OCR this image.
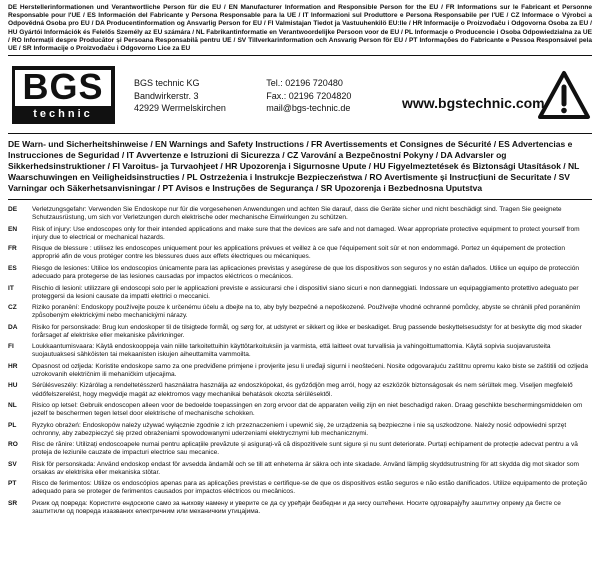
DE Herstellerinformationen und Verantwortliche Person für die EU / EN Manufacturer Information and Responsible Person for the EU / FR Informations sur le Fabricant et Personne Responsable pour l'UE / ES Información del Fabricante y Persona Responsable para la UE / IT Informazioni sul Produttore e Persona Responsabile per l'UE / CZ Informace o Výrobci a Odpovědná Osoba pro EU / DA Producentinformation og Ansvarlig Person for EU / FI Valmistajan Tiedot ja Vastuuhenkilö EU:lle / HR Informacije o Proizvođaču i Odgovorna Osoba za EU / HU Gyártói Információk és Felelős Személy az EU számára / NL Fabrikantinformatie en Verantwoordelijke Persoon voor de EU / PL Informacje o Producencie i Osoba Odpowiedzialna za UE / RO Informații despre Producător și Persoana Responsabilă pentru UE / SV Tillverkarinformation och Ansvarig Person för EU / PT Informações do Fabricante e Pessoa Responsável pela UE / SR Informacije o Proizvođaču i Odgovorno Lice za EU
BGS
technic
BGS technic KG
Bandwirkerstr. 3
42929 Wermelskirchen
Tel.: 02196 720480
Fax.: 02196 7204820
mail@bgs-technic.de	www.bgstechnic.com
DE Warn- und Sicherheitshinweise / EN Warnings and Safety Instructions / FR Avertissements et Consignes de Sécurité / ES Advertencias e Instrucciones de Seguridad / IT Avvertenze e Istruzioni di Sicurezza / CZ Varování a Bezpečnostní Pokyny / DA Advarsler og Sikkerhedsinstruktioner / FI Varoitus- ja Turvaohjeet / HR Upozorenja i Sigurnosne Upute / HU Figyelmeztetések és Biztonsági Utasítások / NL Waarschuwingen en Veiligheidsinstructies / PL Ostrzeżenia i Instrukcje Bezpieczeństwa / RO Avertismente și Instrucțiuni de Securitate / SV Varningar och Säkerhetsanvisningar / PT Avisos e Instruções de Segurança / SR Upozorenja i Bezbednosna Uputstva
DE	Verletzungsgefahr: Verwenden Sie Endoskope nur für die vorgesehenen Anwendungen und achten Sie darauf, dass die Geräte sicher und nicht beschädigt sind. Tragen Sie geeignete Schutzausrüstung, um sich vor Verletzungen durch elektrische oder mechanische Einwirkungen zu schützen.
EN	Risk of injury: Use endoscopes only for their intended applications and make sure that the devices are safe and not damaged. Wear appropriate protective equipment to protect yourself from injury due to electrical or mechanical hazards.
FR	Risque de blessure : utilisez les endoscopes uniquement pour les applications prévues et veillez à ce que l'équipement soit sûr et non endommagé. Portez un équipement de protection approprié afin de vous protéger contre les blessures dues aux effets électriques ou mécaniques.
ES	Riesgo de lesiones: Utilice los endoscopios únicamente para las aplicaciones previstas y asegúrese de que los dispositivos son seguros y no están dañados. Utilice un equipo de protección adecuado para protegerse de las lesiones causadas por impactos eléctricos o mecánicos.
IT	Rischio di lesioni: utilizzare gli endoscopi solo per le applicazioni previste e assicurarsi che i dispositivi siano sicuri e non danneggiati. Indossare un equipaggiamento protettivo adeguato per proteggersi da lesioni causate da impatti elettrici o meccanici.
CZ	Riziko poranění: Endoskopy používejte pouze k určenému účelu a dbejte na to, aby byly bezpečné a nepoškozené. Používejte vhodné ochranné pomůcky, abyste se chránili před poraněním způsobeným elektrickými nebo mechanickými nárazy.
DA	Risiko for personskade: Brug kun endoskoper til de tilsigtede formål, og sørg for, at udstyret er sikkert og ikke er beskadiget. Brug passende beskyttelsesudstyr for at beskytte dig mod skader forårsaget af elektriske eller mekaniske påvirkninger.
FI	Loukkaantumisvaara: Käytä endoskooppeja vain niille tarkoitettuihin käyttötarkoituksiin ja varmista, että laitteet ovat turvallisia ja vahingoittumattomia. Käytä sopivia suojavarusteita suojautuaksesi sähköisten tai mekaanisten iskujen aiheuttamilta vammoilta.
HR	Opasnost od ozljeda: Koristite endoskope samo za one predviđene primjene i provjerite jesu li uređaji sigurni i neoštećeni. Nosite odgovarajuću zaštitnu opremu kako biste se zaštitili od ozljeda uzrokovanih električnim ili mehaničkim utjecajima.
HU	Sérülésveszély: Kizárólag a rendeltetésszerű használatra használja az endoszkópokat, és győződjön meg arról, hogy az eszközök biztonságosak és nem sérültek meg. Viseljen megfelelő védőfelszerelést, hogy megvédje magát az elektromos vagy mechanikai behatások okozta sérülésektől.
NL	Risico op letsel: Gebruik endoscopen alleen voor de bedoelde toepassingen en zorg ervoor dat de apparaten veilig zijn en niet beschadigd raken. Draag geschikte beschermingsmiddelen om jezelf te beschermen tegen letsel door elektrische of mechanische schokken.
PL	Ryzyko obrażeń: Endoskopów należy używać wyłącznie zgodnie z ich przeznaczeniem i upewnić się, że urządzenia są bezpieczne i nie są uszkodzone. Należy nosić odpowiedni sprzęt ochronny, aby zabezpieczyć się przed obrażeniami spowodowanymi uderzeniami elektrycznymi lub mechanicznymi.
RO	Risc de rănire: Utilizați endoscoapele numai pentru aplicațiile prevăzute și asigurați-vă că dispozitivele sunt sigure și nu sunt deteriorate. Purtați echipament de protecție adecvat pentru a vă proteja de leziunile cauzate de impacturi electrice sau mecanice.
SV	Risk för personskada: Använd endoskop endast för avsedda ändamål och se till att enheterna är säkra och inte skadade. Använd lämplig skyddsutrustning för att skydda dig mot skador som orsakas av elektriska eller mekaniska stötar.
PT	Risco de ferimentos: Utilize os endoscópios apenas para as aplicações previstas e certifique-se de que os dispositivos estão seguros e não estão danificados. Utilize equipamento de proteção adequado para se proteger de ferimentos causados por impactos eléctricos ou mecânicos.
SR	Ризик од повреда: Користите ендоскопе само за њихову намену и уверите се да су уређаји безбедни и да нису оштећени. Носите одговарајућу заштитну опрему да бисте се заштитили од повреда изазваних електричним или механичким утицајима.
